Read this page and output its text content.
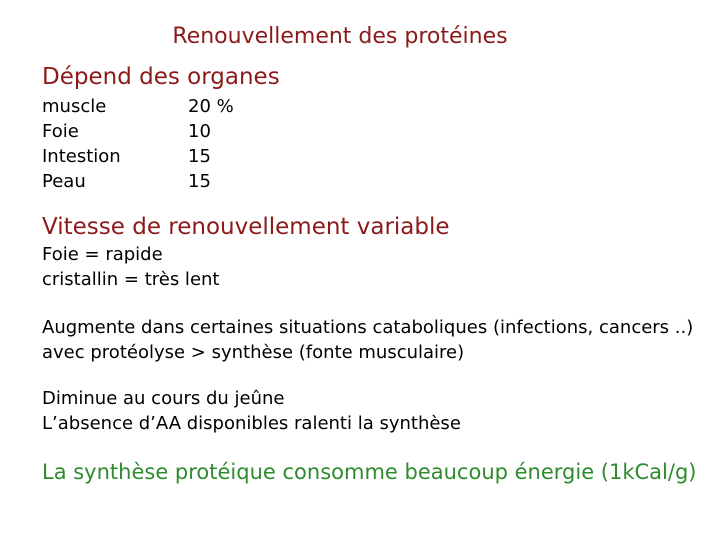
Renouvellement des protéines
Dépend des organes
muscle	20 %
Foie	10
Intestion	15
Peau	15
Vitesse de renouvellement variable
Foie = rapide
cristallin = très lent
Augmente dans certaines situations cataboliques (infections, cancers ..)
avec protéolyse > synthèse (fonte musculaire)
Diminue au cours du jeûne
L’absence d’AA disponibles ralenti la synthèse
La synthèse protéique consomme beaucoup énergie (1kCal/g)
